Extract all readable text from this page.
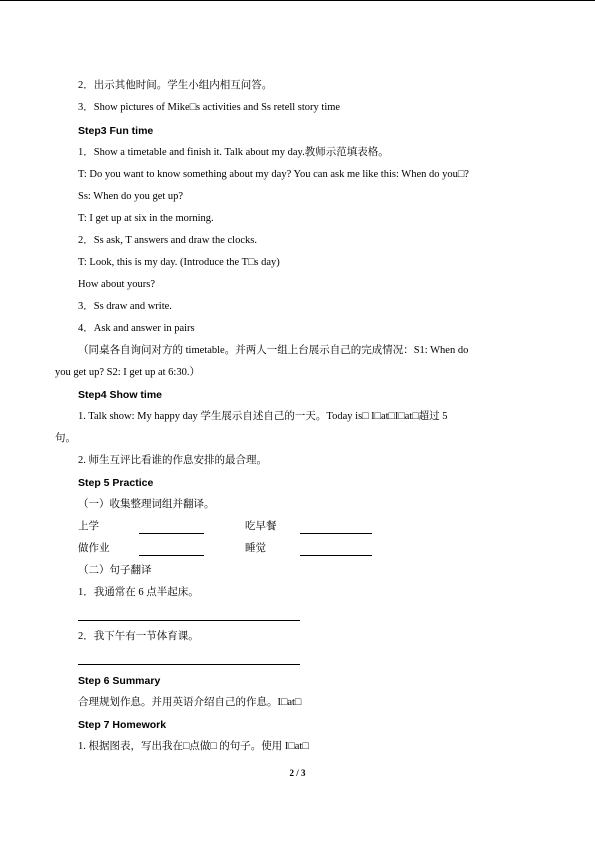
2．出示其他时间。学生小组内相互问答。
3．Show pictures of Mike□s activities and Ss retell story time
Step3 Fun time
1．Show a timetable and finish it. Talk about my day.教师示范填表格。
T: Do you want to know something about my day? You can ask me like this: When do you□?
Ss: When do you get up?
T: I get up at six in the morning.
2．Ss ask, T answers and draw the clocks.
T: Look, this is my day. (Introduce the T□s day)
How about yours?
3．Ss draw and write.
4．Ask and answer in pairs
（同桌各自询问对方的 timetable。并两人一组上台展示自己的完成情况：S1: When do
you get up? S2: I get up at 6:30.）
Step4 Show time
1. Talk show: My happy day 学生展示自述自己的一天。Today is□ I□at□I□at□超过 5
句。
2. 师生互评比看谁的作息安排的最合理。
Step 5 Practice
（一）收集整理词组并翻译。
上学	吃早餐
做作业	睡觉
（二）句子翻译
1．我通常在 6 点半起床。
2．我下午有一节体育课。
Step 6 Summary
合理规划作息。并用英语介绍自己的作息。I□at□
Step 7 Homework
1. 根据图表，写出我在□点做□ 的句子。使用 I□at□
2 / 3
